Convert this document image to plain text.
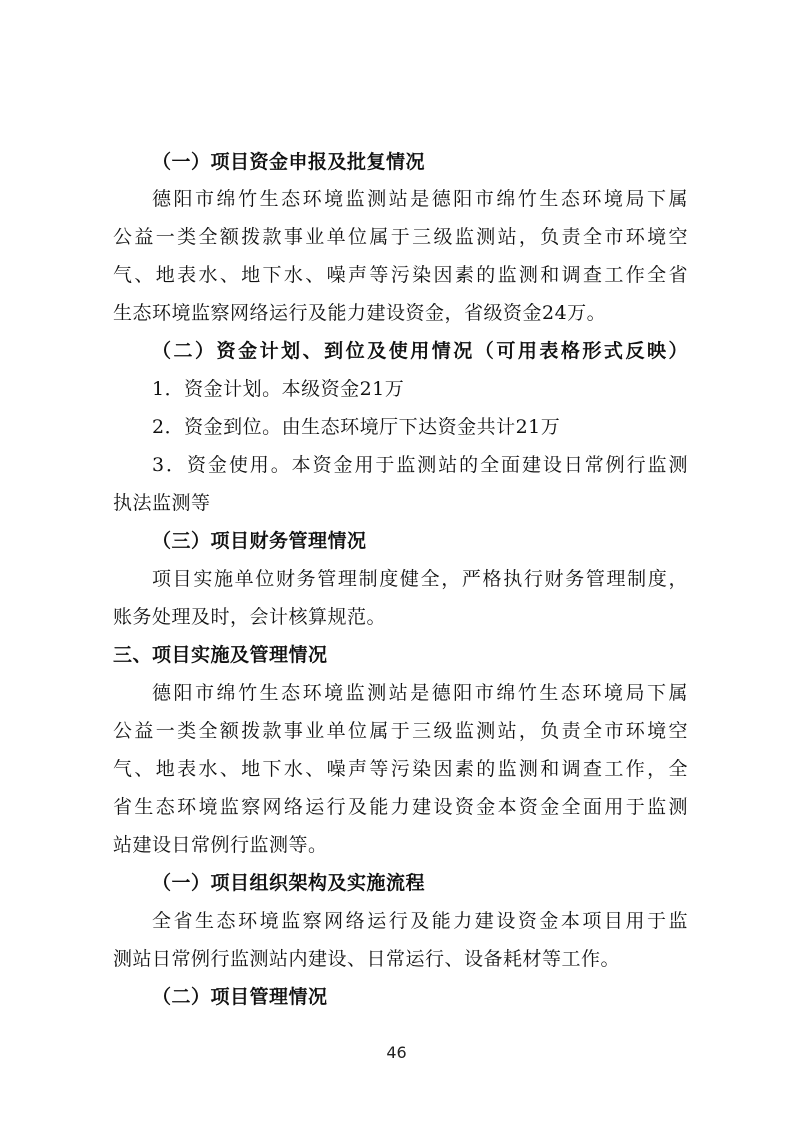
（一）项目资金申报及批复情况
德阳市绵竹生态环境监测站是德阳市绵竹生态环境局下属
公益一类全额拨款事业单位属于三级监测站，负责全市环境空
气、地表水、地下水、噪声等污染因素的监测和调查工作全省
生态环境监察网络运行及能力建设资金，省级资金24万。
（二）资金计划、到位及使用情况（可用表格形式反映）
1．资金计划。本级资金21万
2．资金到位。由生态环境厅下达资金共计21万
3．资金使用。本资金用于监测站的全面建设日常例行监测
执法监测等
（三）项目财务管理情况
项目实施单位财务管理制度健全，严格执行财务管理制度，
账务处理及时，会计核算规范。
三、项目实施及管理情况
德阳市绵竹生态环境监测站是德阳市绵竹生态环境局下属
公益一类全额拨款事业单位属于三级监测站，负责全市环境空
气、地表水、地下水、噪声等污染因素的监测和调查工作，全
省生态环境监察网络运行及能力建设资金本资金全面用于监测
站建设日常例行监测等。
（一）项目组织架构及实施流程
全省生态环境监察网络运行及能力建设资金本项目用于监
测站日常例行监测站内建设、日常运行、设备耗材等工作。
（二）项目管理情况
46
